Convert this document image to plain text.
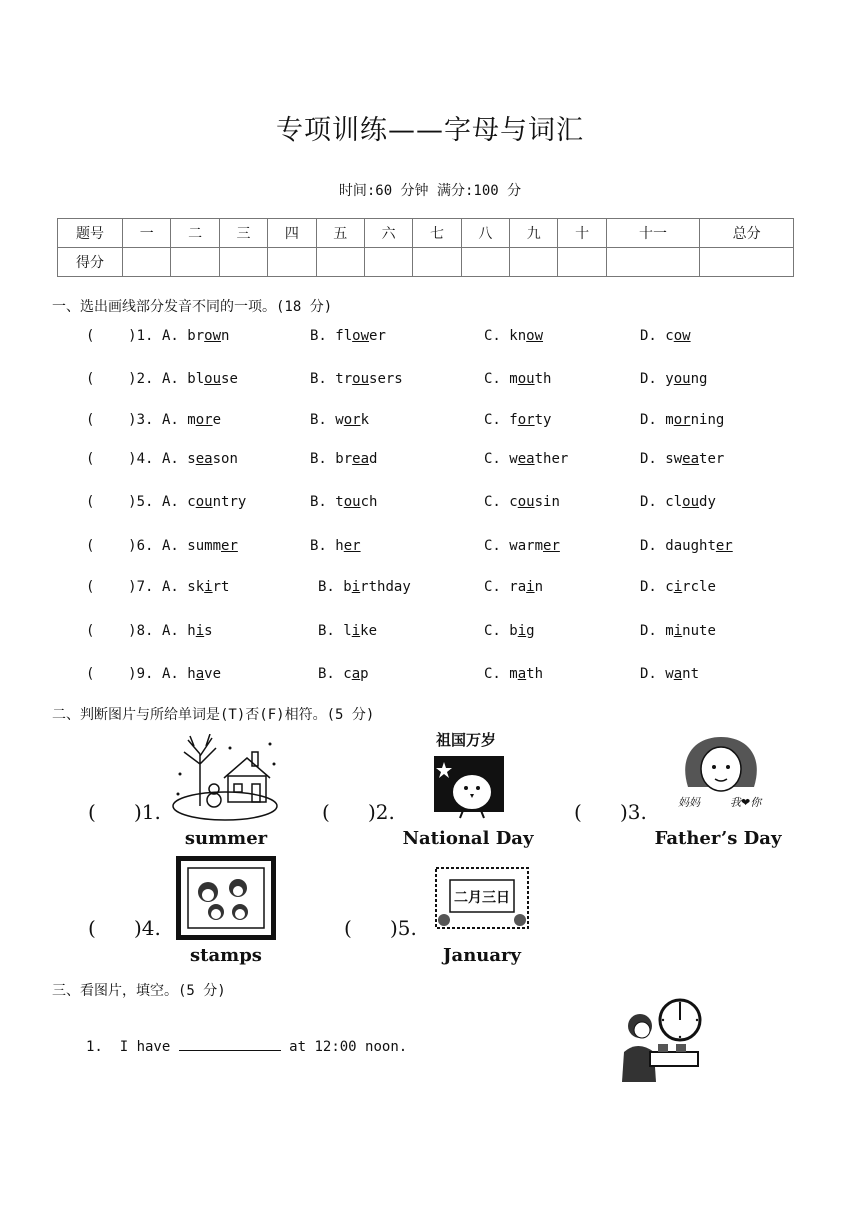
专项训练——字母与词汇
时间:60 分钟 满分:100 分
题号	一	二	三	四	五	六	七	八	九	十	十一	总分
得分												
一、选出画线部分发音不同的一项。(18 分)
(    )1. A. brown	B. flower	C. know	D. cow
(    )2. A. blouse	B. trousers	C. mouth	D. young
(    )3. A. more	B. work	C. forty	D. morning
(    )4. A. season	B. bread	C. weather	D. sweater
(    )5. A. country	B. touch	C. cousin	D. cloudy
(    )6. A. summer	B. her	C. warmer	D. daughter
(    )7. A. skirt	B. birthday	C. rain	D. circle
(    )8. A. his	B. like	C. big	D. minute
(    )9. A. have	B. cap	C. math	D. want
二、判断图片与所给单词是(T)否(F)相符。(5 分)
祖国万岁
妈妈	我❤你
二月三日
(      )1.
summer
(      )2.
National Day
(      )3.
Father’s Day
(      )4.
stamps
(      )5.
January
三、看图片，填空。(5 分)
1.  I have	at 12:00 noon.
